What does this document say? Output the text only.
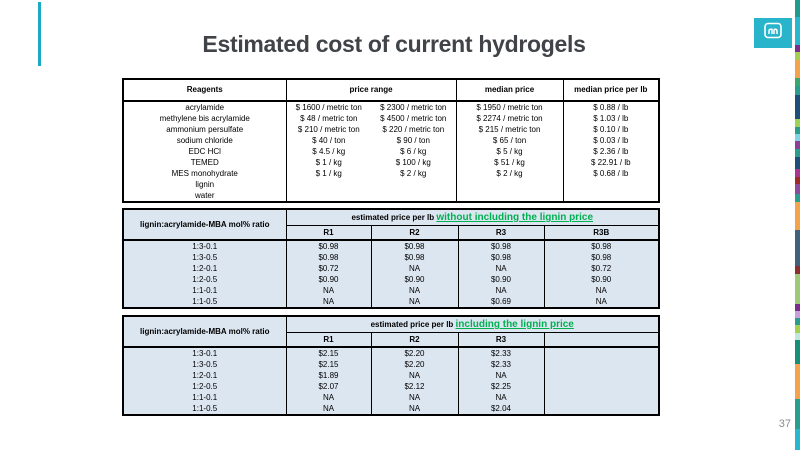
Estimated cost of current hydrogels
37
Reagents	price range		median price	median price per lb
acrylamide	$ 1600 / metric ton	$ 2300 / metric ton	$ 1950 / metric ton	$ 0.88 / lb
methylene bis acrylamide	$ 48 / metric ton	$ 4500 / metric ton	$ 2274 / metric ton	$ 1.03 / lb
ammonium persulfate	$ 210 / metric ton	$ 220 / metric ton	$ 215 / metric ton	$ 0.10 / lb
sodium chloride	$ 40 / ton	$ 90 / ton	$ 65 / ton	$ 0.03 / lb
EDC HCl	$ 4.5 / kg	$ 6 / kg	$ 5 / kg	$ 2.36 / lb
TEMED	$ 1 / kg	$ 100 / kg	$ 51 / kg	$ 22.91 / lb
MES monohydrate	$ 1 / kg	$ 2 / kg	$ 2 / kg	$ 0.68 / lb
lignin				
water				
lignin:acrylamide-MBA mol% ratio	estimated price per lb without including the lignin price			
	R1	R2	R3	R3B
1:3-0.1	$0.98	$0.98	$0.98	$0.98
1:3-0.5	$0.98	$0.98	$0.98	$0.98
1:2-0.1	$0.72	NA	NA	$0.72
1:2-0.5	$0.90	$0.90	$0.90	$0.90
1:1-0.1	NA	NA	NA	NA
1:1-0.5	NA	NA	$0.69	NA
lignin:acrylamide-MBA mol% ratio	estimated price per lb including the lignin price			
	R1	R2	R3	
1:3-0.1	$2.15	$2.20	$2.33	
1:3-0.5	$2.15	$2.20	$2.33	
1:2-0.1	$1.89	NA	NA	
1:2-0.5	$2.07	$2.12	$2.25	
1:1-0.1	NA	NA	NA	
1:1-0.5	NA	NA	$2.04	
